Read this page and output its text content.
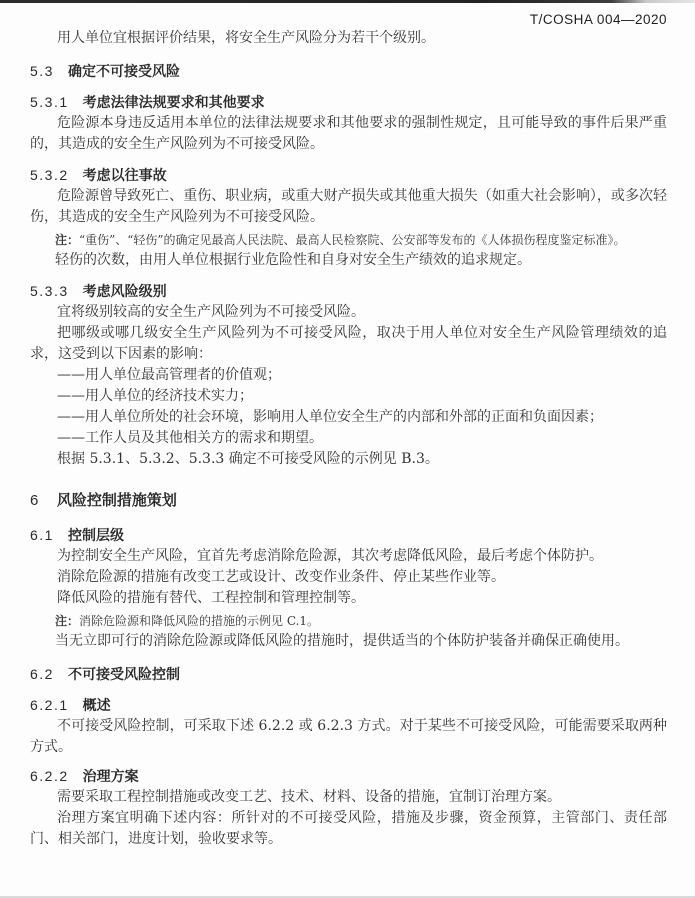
T/COSHA 004—2020

用人单位宜根据评价结果，将安全生产风险分为若干个级别。

5.3 确定不可接受风险

5.3.1 考虑法律法规要求和其他要求

危险源本身违反适用本单位的法律法规要求和其他要求的强制性规定，且可能导致的事件后果严重的，其造成的安全生产风险列为不可接受风险。

5.3.2 考虑以往事故

危险源曾导致死亡、重伤、职业病，或重大财产损失或其他重大损失（如重大社会影响），或多次轻伤，其造成的安全生产风险列为不可接受风险。

注：“重伤”、“轻伤”的确定见最高人民法院、最高人民检察院、公安部等发布的《人体损伤程度鉴定标准》。

轻伤的次数，由用人单位根据行业危险性和自身对安全生产绩效的追求规定。

5.3.3 考虑风险级别

宜将级别较高的安全生产风险列为不可接受风险。

把哪级或哪几级安全生产风险列为不可接受风险，取决于用人单位对安全生产风险管理绩效的追求，这受到以下因素的影响：

——用人单位最高管理者的价值观；

——用人单位的经济技术实力；

——用人单位所处的社会环境，影响用人单位安全生产的内部和外部的正面和负面因素；

——工作人员及其他相关方的需求和期望。

根据 5.3.1、5.3.2、5.3.3 确定不可接受风险的示例见 B.3。

6 风险控制措施策划

6.1 控制层级

为控制安全生产风险，宜首先考虑消除危险源，其次考虑降低风险，最后考虑个体防护。

消除危险源的措施有改变工艺或设计、改变作业条件、停止某些作业等。

降低风险的措施有替代、工程控制和管理控制等。

注：消除危险源和降低风险的措施的示例见 C.1。

当无立即可行的消除危险源或降低风险的措施时，提供适当的个体防护装备并确保正确使用。

6.2 不可接受风险控制

6.2.1 概述

不可接受风险控制，可采取下述 6.2.2 或 6.2.3 方式。对于某些不可接受风险，可能需要采取两种方式。

6.2.2 治理方案

需要采取工程控制措施或改变工艺、技术、材料、设备的措施，宜制订治理方案。

治理方案宜明确下述内容：所针对的不可接受风险，措施及步骤，资金预算，主管部门、责任部门、相关部门，进度计划，验收要求等。
